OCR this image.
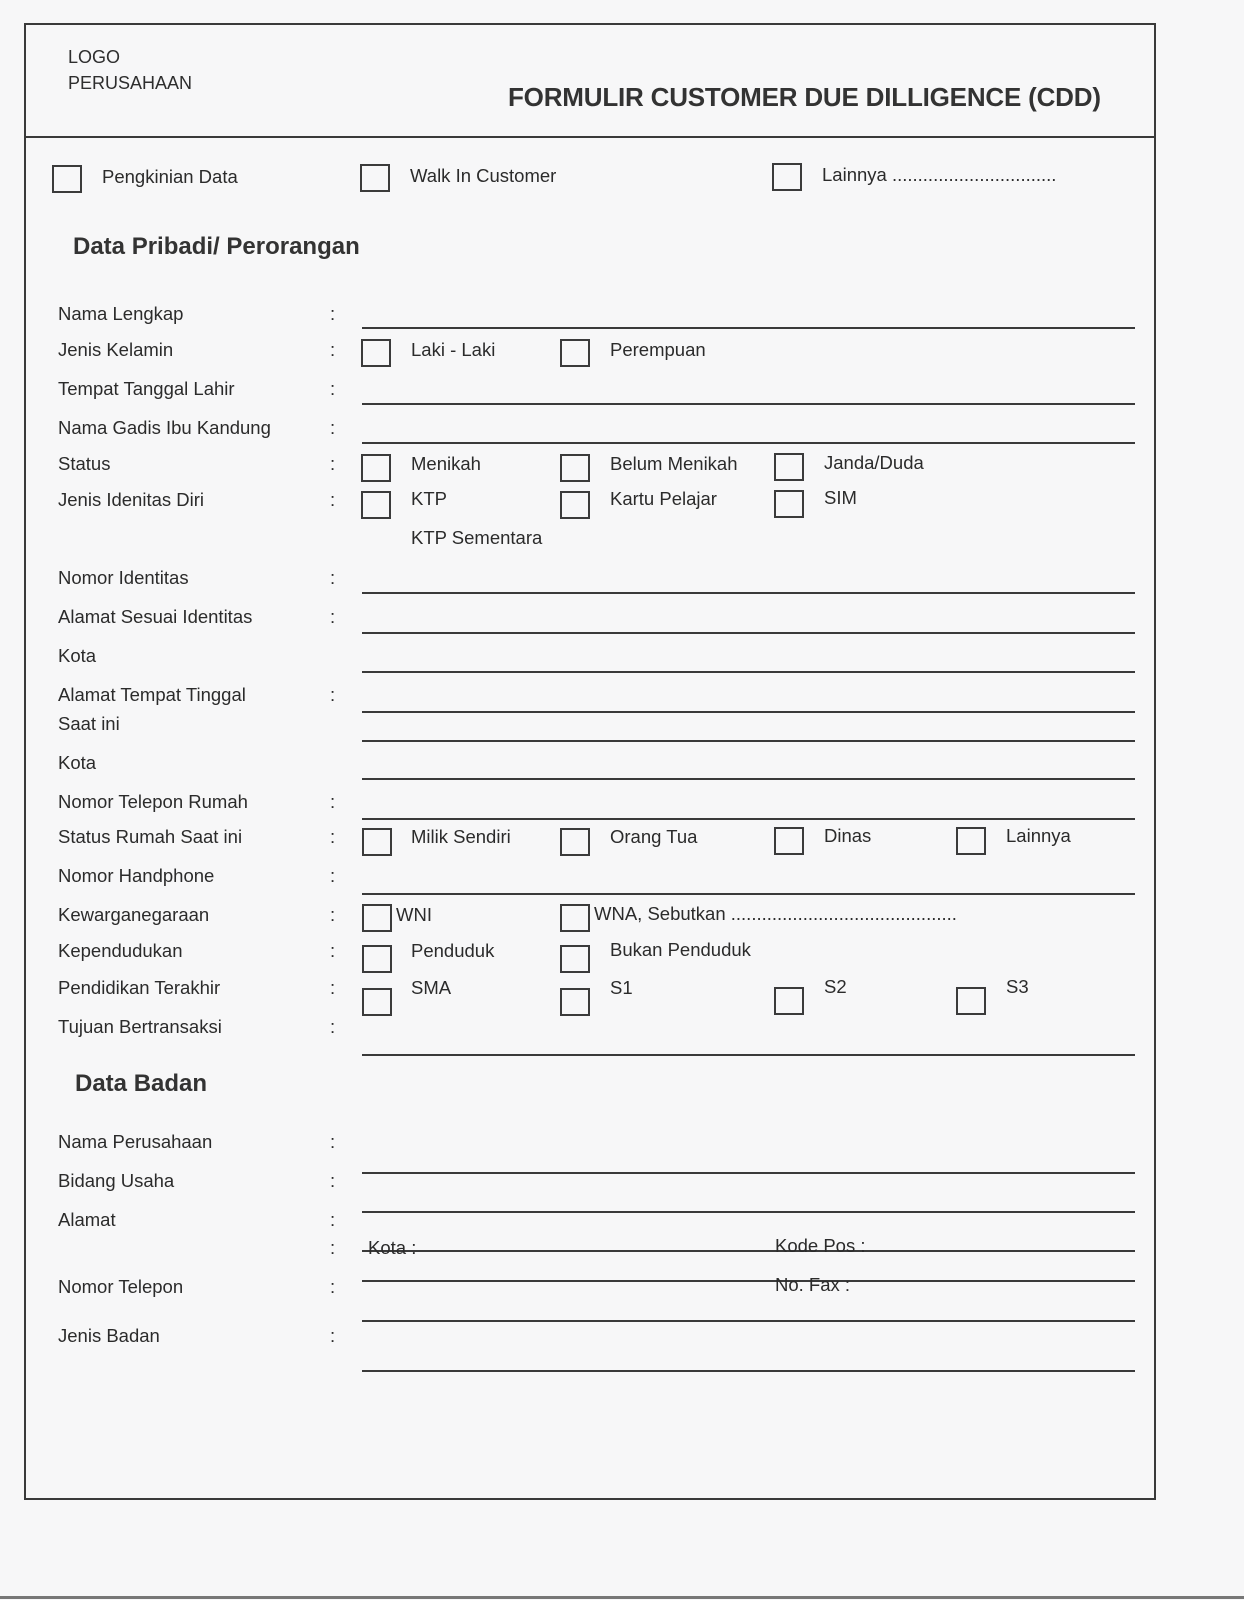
LOGO
PERUSAHAAN	FORMULIR CUSTOMER DUE DILLIGENCE (CDD)
Pengkinian Data	Walk In Customer	Lainnya ................................
Data Pribadi/ Perorangan
Nama Lengkap	:
Jenis Kelamin	:	Laki - Laki	Perempuan
Tempat Tanggal Lahir	:
Nama Gadis Ibu Kandung	:
Status	:	Menikah	Belum Menikah	Janda/Duda
Jenis Idenitas Diri	:	KTP	Kartu Pelajar	SIM
KTP Sementara
Nomor Identitas	:
Alamat Sesuai Identitas	:
Kota
Alamat Tempat Tinggal
Saat ini
:
Kota
Nomor Telepon Rumah	:
Status Rumah Saat ini	:	Milik Sendiri	Orang Tua	Dinas	Lainnya
Nomor Handphone	:
Kewarganegaraan	:	WNI	WNA, Sebutkan ............................................
Kependudukan	:	Penduduk	Bukan Penduduk
Pendidikan Terakhir	:	SMA	S1	S2	S3
Tujuan Bertransaksi	:
Data Badan
Nama Perusahaan	:
Bidang Usaha	:
Alamat	:
: Kota :	Kode Pos :
Nomor Telepon	:	No. Fax :
Jenis Badan	:
